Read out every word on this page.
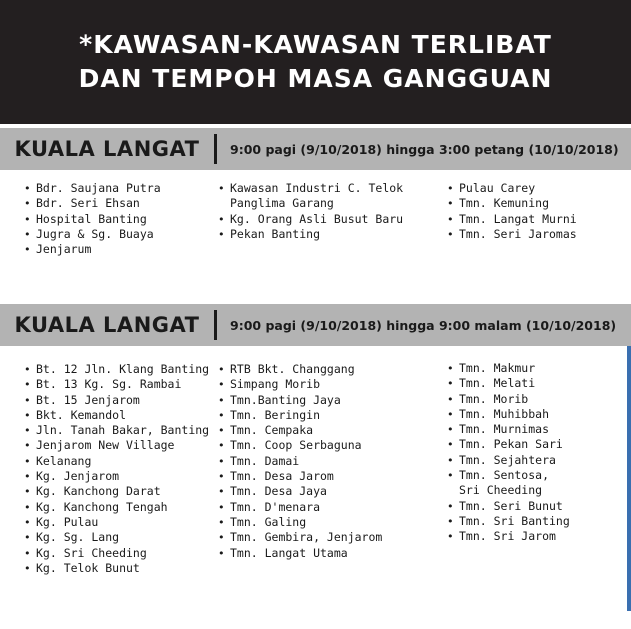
*KAWASAN-KAWASAN TERLIBAT
DAN TEMPOH MASA GANGGUAN
KUALA LANGAT	9:00 pagi (9/10/2018) hingga 3:00 petang (10/10/2018)
• Bdr. Saujana Putra
• Bdr. Seri Ehsan
• Hospital Banting
• Jugra & Sg. Buaya
• Jenjarum
• Kawasan Industri C. Telok
Panglima Garang
• Kg. Orang Asli Busut Baru
• Pekan Banting
• Pulau Carey
• Tmn. Kemuning
• Tmn. Langat Murni
• Tmn. Seri Jaromas
KUALA LANGAT	9:00 pagi (9/10/2018) hingga 9:00 malam (10/10/2018)
• Bt. 12 Jln. Klang Banting
• Bt. 13 Kg. Sg. Rambai
• Bt. 15 Jenjarom
• Bkt. Kemandol
• Jln. Tanah Bakar, Banting
• Jenjarom New Village
• Kelanang
• Kg. Jenjarom
• Kg. Kanchong Darat
• Kg. Kanchong Tengah
• Kg. Pulau
• Kg. Sg. Lang
• Kg. Sri Cheeding
• Kg. Telok Bunut
• RTB Bkt. Changgang
• Simpang Morib
• Tmn.Banting Jaya
• Tmn. Beringin
• Tmn. Cempaka
• Tmn. Coop Serbaguna
• Tmn. Damai
• Tmn. Desa Jarom
• Tmn. Desa Jaya
• Tmn. D'menara
• Tmn. Galing
• Tmn. Gembira, Jenjarom
• Tmn. Langat Utama
• Tmn. Makmur
• Tmn. Melati
• Tmn. Morib
• Tmn. Muhibbah
• Tmn. Murnimas
• Tmn. Pekan Sari
• Tmn. Sejahtera
• Tmn. Sentosa,
Sri Cheeding
• Tmn. Seri Bunut
• Tmn. Sri Banting
• Tmn. Sri Jarom
